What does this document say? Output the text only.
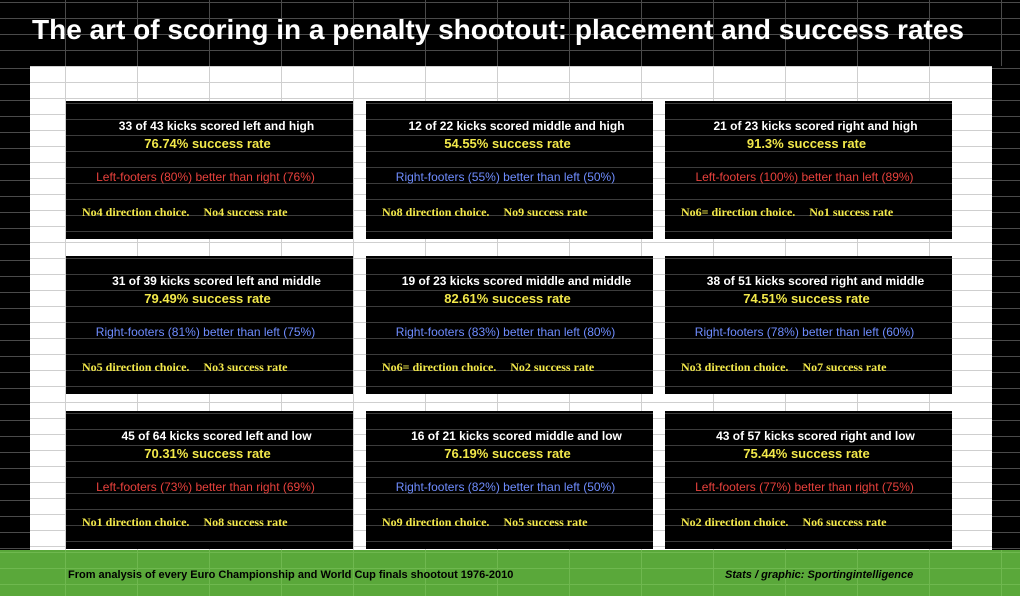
The art of scoring in a penalty shootout: placement and success rates
33 of 43 kicks scored left and high
76.74% success rate
Left-footers (80%) better than right (76%)
No4 direction choice. No4 success rate
12 of 22 kicks scored middle and high
54.55% success rate
Right-footers (55%) better than left (50%)
No8 direction choice. No9 success rate
21 of 23 kicks scored right and high
91.3% success rate
Left-footers (100%) better than left (89%)
No6= direction choice. No1 success rate
31 of 39 kicks scored left and middle
79.49% success rate
Right-footers (81%) better than left (75%)
No5 direction choice. No3 success rate
19 of 23 kicks scored middle and middle
82.61% success rate
Right-footers (83%) better than left (80%)
No6= direction choice. No2 success rate
38 of 51 kicks scored right and middle
74.51% success rate
Right-footers (78%) better than left (60%)
No3 direction choice. No7 success rate
45 of 64 kicks scored left and low
70.31% success rate
Left-footers (73%) better than right (69%)
No1 direction choice. No8 success rate
16 of 21 kicks scored middle and low
76.19% success rate
Right-footers (82%) better than left (50%)
No9 direction choice. No5 success rate
43 of 57 kicks scored right and low
75.44% success rate
Left-footers (77%) better than right (75%)
No2 direction choice. No6 success rate
From analysis of every Euro Championship and World Cup finals shootout 1976-2010	Stats / graphic: Sportingintelligence
